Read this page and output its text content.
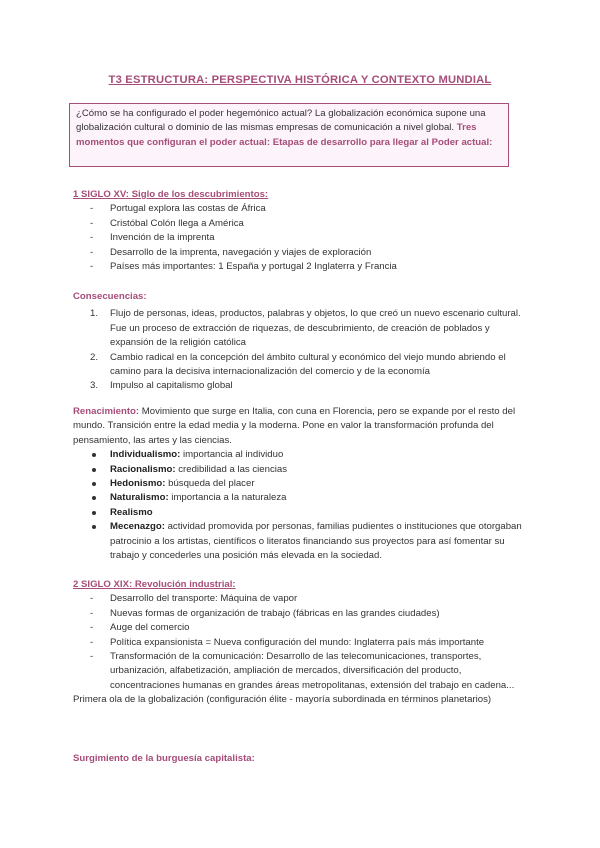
T3 ESTRUCTURA: PERSPECTIVA HISTÓRICA Y CONTEXTO MUNDIAL
¿Cómo se ha configurado el poder hegemónico actual? La globalización económica supone una globalización cultural o dominio de las mismas empresas de comunicación a nivel global. Tres momentos que configuran el poder actual: Etapas de desarrollo para llegar al Poder actual:
1 SIGLO XV: Siglo de los descubrimientos:
- Portugal explora las costas de África
- Cristóbal Colón llega a América
- Invención de la imprenta
- Desarrollo de la imprenta, navegación y viajes de exploración
- Países más importantes: 1 España y portugal 2 Inglaterra y Francia
Consecuencias:
1. Flujo de personas, ideas, productos, palabras y objetos, lo que creó un nuevo escenario cultural. Fue un proceso de extracción de riquezas, de descubrimiento, de creación de poblados y expansión de la religión católica
2. Cambio radical en la concepción del ámbito cultural y económico del viejo mundo abriendo el camino para la decisiva internacionalización del comercio y de la economía
3. Impulso al capitalismo global

Renacimiento: Movimiento que surge en Italia, con cuna en Florencia, pero se expande por el resto del mundo. Transición entre la edad media y la moderna. Pone en valor la transformación profunda del pensamiento, las artes y las ciencias.

Individualismo: importancia al individuo
Racionalismo: credibilidad a las ciencias
Hedonismo: búsqueda del placer
Naturalismo: importancia a la naturaleza
Realismo
Mecenazgo: actividad promovida por personas, familias pudientes o instituciones que otorgaban patrocinio a los artistas, científicos o literatos financiando sus proyectos para así fomentar su trabajo y concederles una posición más elevada en la sociedad.
2 SIGLO XIX: Revolución industrial:
- Desarrollo del transporte: Máquina de vapor
- Nuevas formas de organización de trabajo (fábricas en las grandes ciudades)
- Auge del comercio
- Política expansionista = Nueva configuración del mundo: Inglaterra país más importante
- Transformación de la comunicación: Desarrollo de las telecomunicaciones, transportes, urbanización, alfabetización, ampliación de mercados, diversificación del producto, concentraciones humanas en grandes áreas metropolitanas, extensión del trabajo en cadena...

Primera ola de la globalización (configuración élite - mayoría subordinada en términos planetarios)

Surgimiento de la burguesía capitalista:
